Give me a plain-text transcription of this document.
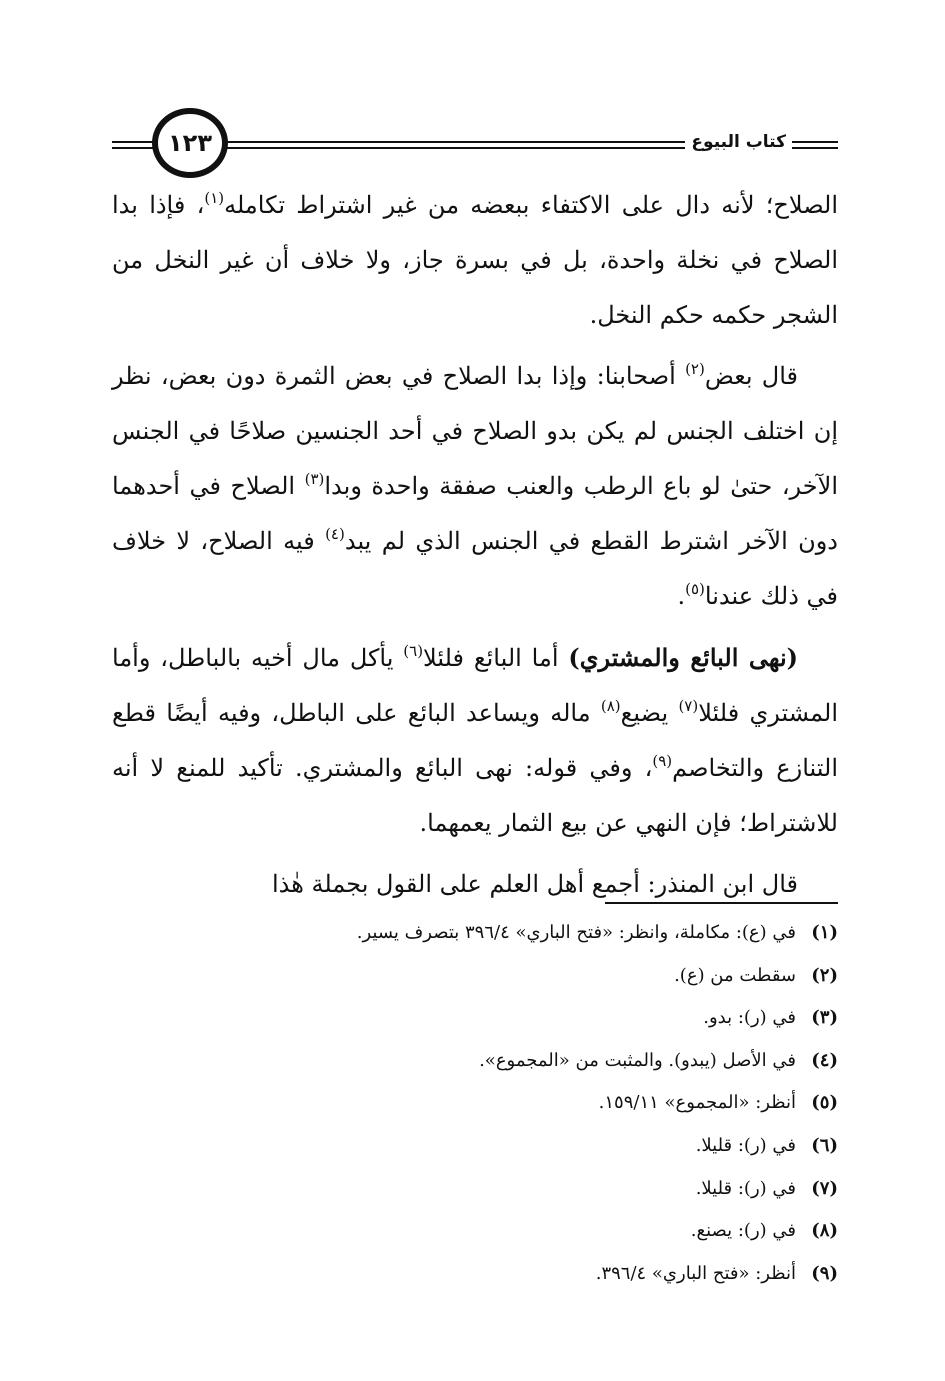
كتاب البيوع
١٢٣

الصلاح؛ لأنه دال على الاكتفاء ببعضه من غير اشتراط تكامله$^{(١)}$، فإذا بدا الصلاح في نخلة واحدة، بل في بسرة جاز، ولا خلاف أن غير النخل من الشجر حكمه حكم النخل.

قال بعض$^{(٢)}$ أصحابنا: وإذا بدا الصلاح في بعض الثمرة دون بعض، نظر إن اختلف الجنس لم يكن بدو الصلاح في أحد الجنسين صلاحًا في الجنس الآخر، حتىٰ لو باع الرطب والعنب صفقة واحدة وبدا$^{(٣)}$ الصلاح في أحدهما دون الآخر اشترط القطع في الجنس الذي لم يبد$^{(٤)}$ فيه الصلاح، لا خلاف في ذلك عندنا$^{(٥)}$.

(نهى البائع والمشتري) أما البائع فلئلا$^{(٦)}$ يأكل مال أخيه بالباطل، وأما المشتري فلئلا$^{(٧)}$ يضيع$^{(٨)}$ ماله ويساعد البائع على الباطل، وفيه أيضًا قطع التنازع والتخاصم$^{(٩)}$، وفي قوله: نهى البائع والمشتري. تأكيد للمنع لا أنه للاشتراط؛ فإن النهي عن بيع الثمار يعمهما.

قال ابن المنذر: أجمع أهل العلم على القول بجملة هٰذا

(١)
في (ع): مكاملة، وانظر: «فتح الباري» ٣٩٦/٤ بتصرف يسير.
(٢)
سقطت من (ع).
(٣)
في (ر): بدو.
(٤)
في الأصل (يبدو). والمثبت من «المجموع».
(٥)
أنظر: «المجموع» ١٥٩/١١.
(٦)
في (ر): قليلا.
(٧)
في (ر): قليلا.
(٨)
في (ر): يصنع.
(٩)
أنظر: «فتح الباري» ٣٩٦/٤.
